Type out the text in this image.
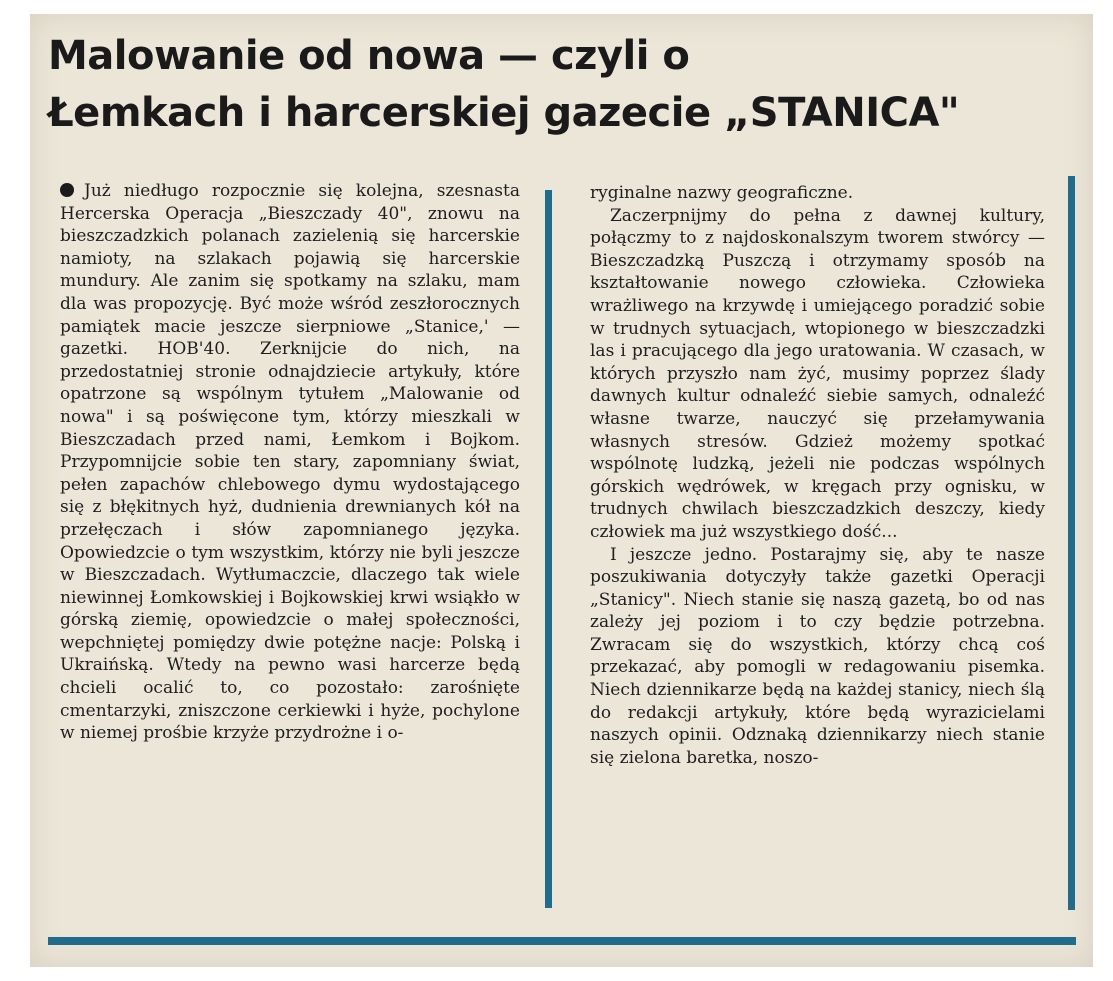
Malowanie od nowa — czyli o
Łemkach i harcerskiej gazecie „STANICA"

Już niedługo rozpocznie się kolejna, szesnasta Hercerska Operacja „Bieszczady 40", znowu na bieszczadzkich polanach zazielenią się harcerskie namioty, na szlakach pojawią się harcerskie mundury. Ale zanim się spotkamy na szlaku, mam dla was propozycję. Być może wśród zeszłorocznych pamiątek macie jeszcze sierpniowe „Stanice,' — gazetki. HOB'40. Zerknijcie do nich, na przedostatniej stronie odnajdziecie artykuły, które opatrzone są wspólnym tytułem „Malowanie od nowa" i są poświęcone tym, którzy mieszkali w Bieszczadach przed nami, Łemkom i Bojkom. Przypomnijcie sobie ten stary, zapomniany świat, pełen zapachów chlebowego dymu wydostającego się z błękitnych hyż, dudnienia drewnianych kół na przełęczach i słów zapomnianego języka. Opowiedzcie o tym wszystkim, którzy nie byli jeszcze w Bieszczadach. Wytłumaczcie, dlaczego tak wiele niewinnej Łomkowskiej i Bojkowskiej krwi wsiąkło w górską ziemię, opowiedzcie o małej społeczności, wepchniętej pomiędzy dwie potężne nacje: Polską i Ukraińską. Wtedy na pewno wasi harcerze będą chcieli ocalić to, co pozostało: zarośnięte cmentarzyki, zniszczone cerkiewki i hyże, pochylone w niemej prośbie krzyże przydrożne i o-

ryginalne nazwy geograficzne.

Zaczerpnijmy do pełna z dawnej kultury, połączmy to z najdoskonalszym tworem stwórcy — Bieszczadzką Puszczą i otrzymamy sposób na kształtowanie nowego człowieka. Człowieka wrażliwego na krzywdę i umiejącego poradzić sobie w trudnych sytuacjach, wtopionego w bieszczadzki las i pracującego dla jego uratowania. W czasach, w których przyszło nam żyć, musimy poprzez ślady dawnych kultur odnaleźć siebie samych, odnaleźć własne twarze, nauczyć się przełamywania własnych stresów. Gdzież możemy spotkać wspólnotę ludzką, jeżeli nie podczas wspólnych górskich wędrówek, w kręgach przy ognisku, w trudnych chwilach bieszczadzkich deszczy, kiedy człowiek ma już wszystkiego dość...

I jeszcze jedno. Postarajmy się, aby te nasze poszukiwania dotyczyły także gazetki Operacji „Stanicy". Niech stanie się naszą gazetą, bo od nas zależy jej poziom i to czy będzie potrzebna. Zwracam się do wszystkich, którzy chcą coś przekazać, aby pomogli w redagowaniu pisemka. Niech dziennikarze będą na każdej stanicy, niech ślą do redakcji artykuły, które będą wyrazicielami naszych opinii. Odznaką dziennikarzy niech stanie się zielona baretka, noszo-
